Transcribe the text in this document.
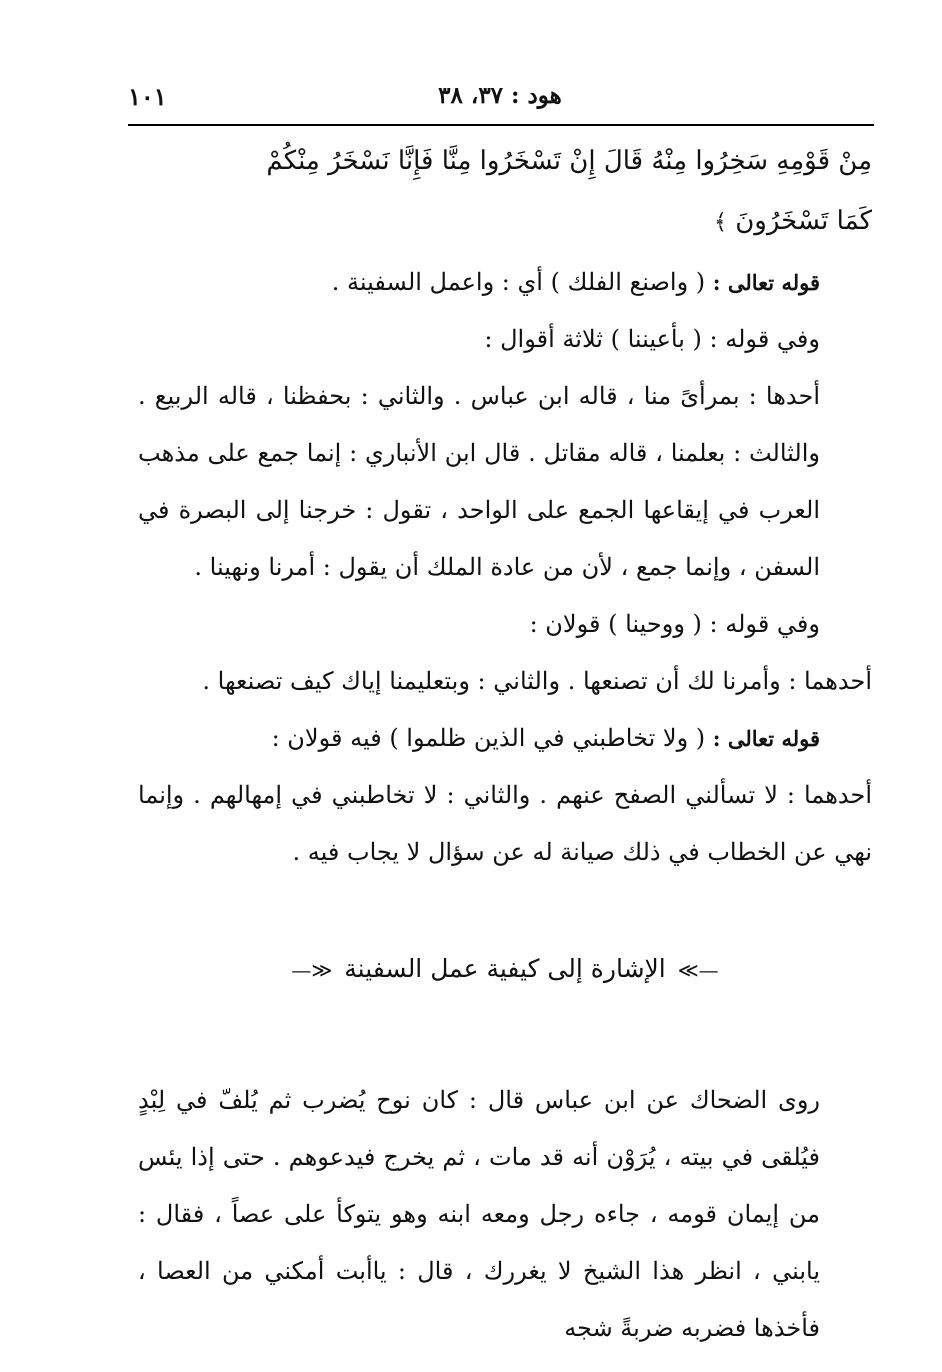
هود : ٣٧، ٣٨
١٠١

مِنْ قَوْمِهِ سَخِرُوا مِنْهُ قَالَ إِنْ تَسْخَرُوا مِنَّا فَإِنَّا نَسْخَرُ مِنْكُمْ

كَمَا تَسْخَرُونَ ﴾

قوله تعالى : ( واصنع الفلك ) أي : واعمل السفينة .

وفي قوله : ( بأعيننا ) ثلاثة أقوال :

أحدها : بمرأىً منا ، قاله ابن عباس . والثاني : بحفظنا ، قاله الربيع . والثالث : بعلمنا ، قاله مقاتل . قال ابن الأنباري : إنما جمع على مذهب العرب في إيقاعها الجمع على الواحد ، تقول : خرجنا إلى البصرة في السفن ، وإنما جمع ، لأن من عادة الملك أن يقول : أمرنا ونهينا .

وفي قوله : ( ووحينا ) قولان :

أحدهما : وأمرنا لك أن تصنعها . والثاني : وبتعليمنا إياك كيف تصنعها .

قوله تعالى : ( ولا تخاطبني في الذين ظلموا ) فيه قولان :

أحدهما : لا تسألني الصفح عنهم . والثاني : لا تخاطبني في إمهالهم . وإنما نهي عن الخطاب في ذلك صيانة له عن سؤال لا يجاب فيه .

—≫ الإشارة إلى كيفية عمل السفينة ≪—

روى الضحاك عن ابن عباس قال : كان نوح يُضرب ثم يُلفّ في لِبْدٍ فيُلقى في بيته ، يُرَوْن أنه قد مات ، ثم يخرج فيدعوهم . حتى إذا يئس من إيمان قومه ، جاءه رجل ومعه ابنه وهو يتوكأ على عصاً ، فقال : يابني ، انظر هذا الشيخ لا يغررك ، قال : ياأبت أمكني من العصا ، فأخذها فضربه ضربةً شجه
